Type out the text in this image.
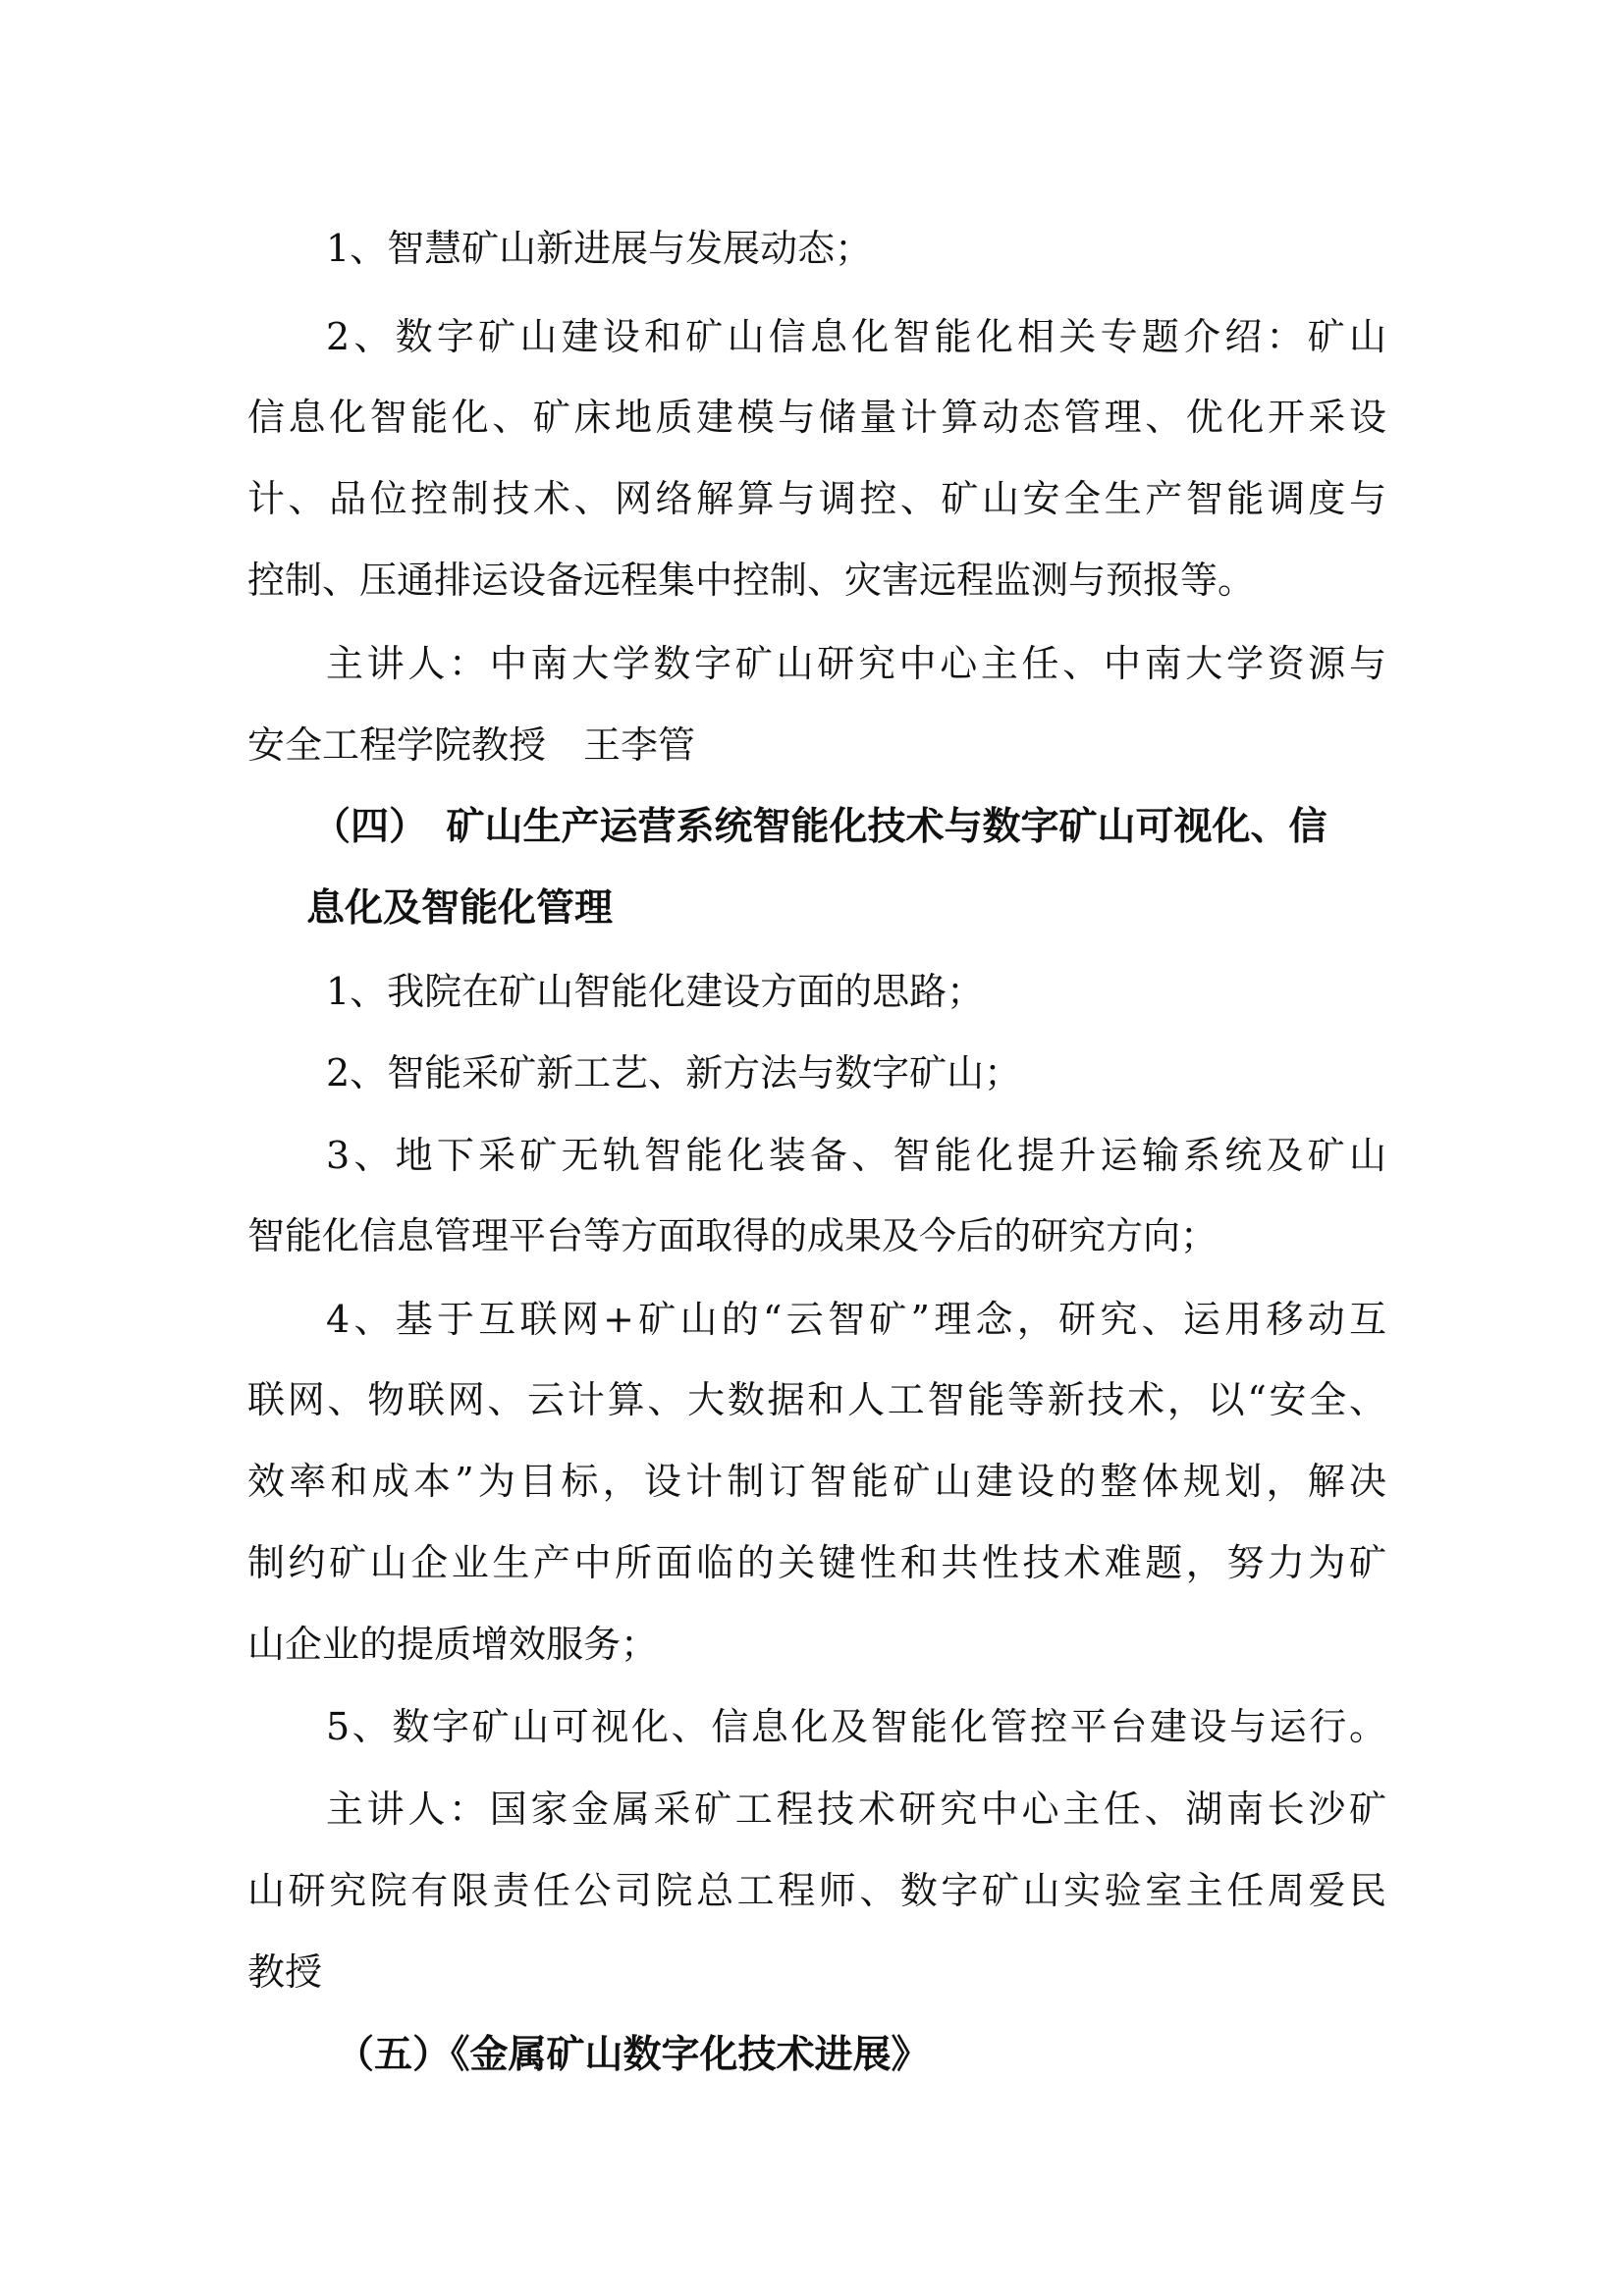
1、智慧矿山新进展与发展动态；
2、数字矿山建设和矿山信息化智能化相关专题介绍：矿山
信息化智能化、矿床地质建模与储量计算动态管理、优化开采设
计、品位控制技术、网络解算与调控、矿山安全生产智能调度与
控制、压通排运设备远程集中控制、灾害远程监测与预报等。
主讲人：中南大学数字矿山研究中心主任、中南大学资源与
安全工程学院教授　王李管
（四）　矿山生产运营系统智能化技术与数字矿山可视化、信
息化及智能化管理
1、我院在矿山智能化建设方面的思路；
2、智能采矿新工艺、新方法与数字矿山；
3、地下采矿无轨智能化装备、智能化提升运输系统及矿山
智能化信息管理平台等方面取得的成果及今后的研究方向；
4、基于互联网+矿山的“云智矿”理念，研究、运用移动互
联网、物联网、云计算、大数据和人工智能等新技术，以“安全、
效率和成本”为目标，设计制订智能矿山建设的整体规划，解决
制约矿山企业生产中所面临的关键性和共性技术难题，努力为矿
山企业的提质增效服务；
5、数字矿山可视化、信息化及智能化管控平台建设与运行。
主讲人：国家金属采矿工程技术研究中心主任、湖南长沙矿
山研究院有限责任公司院总工程师、数字矿山实验室主任周爱民
教授
（五）《金属矿山数字化技术进展》
